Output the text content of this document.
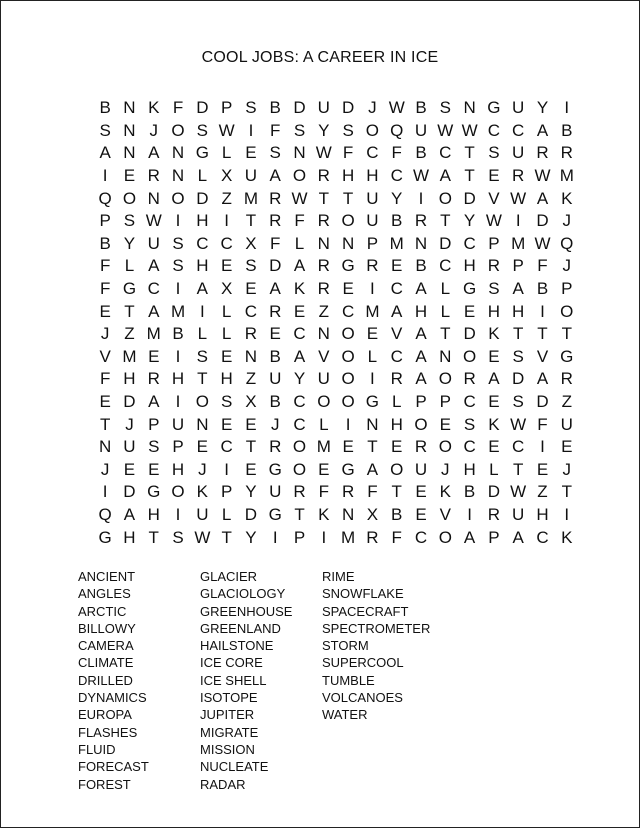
COOL JOBS: A CAREER IN ICE
B N K F D P S B D U D J W B S N G U Y I
S N J O S W I F S Y S O Q U W W C C A B
A N A N G L E S N W F C F B C T S U R R
I E R N L X U A O R H H C W A T E R W M
Q O N O D Z M R W T T U Y I O D V W A K
P S W I H I T R F R O U B R T Y W I D J
B Y U S C C X F L N N P M N D C P M W Q
F L A S H E S D A R G R E B C H R P F J
F G C I A X E A K R E I C A L G S A B P
E T A M I	L C R E Z C M A H L E H H I O
J Z M B L L R E C N O E V A T D K T T T
V M E I S E N B A V O L C A N O E S V G
F H R H T H Z U Y U O I R A O R A D A R
E D A I O S X B C O O G L P P C E S D Z
T J P U N E E J C L	I N H O E S K W F U
N U S P E C T R O M E T E R O C E C I E
J E E H J	I E G O E G A O U J H L T E J
I D G O K P Y U R F R F T E K B D W Z T
Q A H I U L D G T K N X B E V I R U H I
G H T S W T Y I P I M R F C O A P A C K
ANCIENT
ANGLES
ARCTIC
BILLOWY
CAMERA
CLIMATE
DRILLED
DYNAMICS
EUROPA
FLASHES
FLUID
FORECAST
FOREST
GLACIER
GLACIOLOGY
GREENHOUSE
GREENLAND
HAILSTONE
ICE CORE
ICE SHELL
ISOTOPE
JUPITER
MIGRATE
MISSION
NUCLEATE
RADAR
RIME
SNOWFLAKE
SPACECRAFT
SPECTROMETER
STORM
SUPERCOOL
TUMBLE
VOLCANOES
WATER
